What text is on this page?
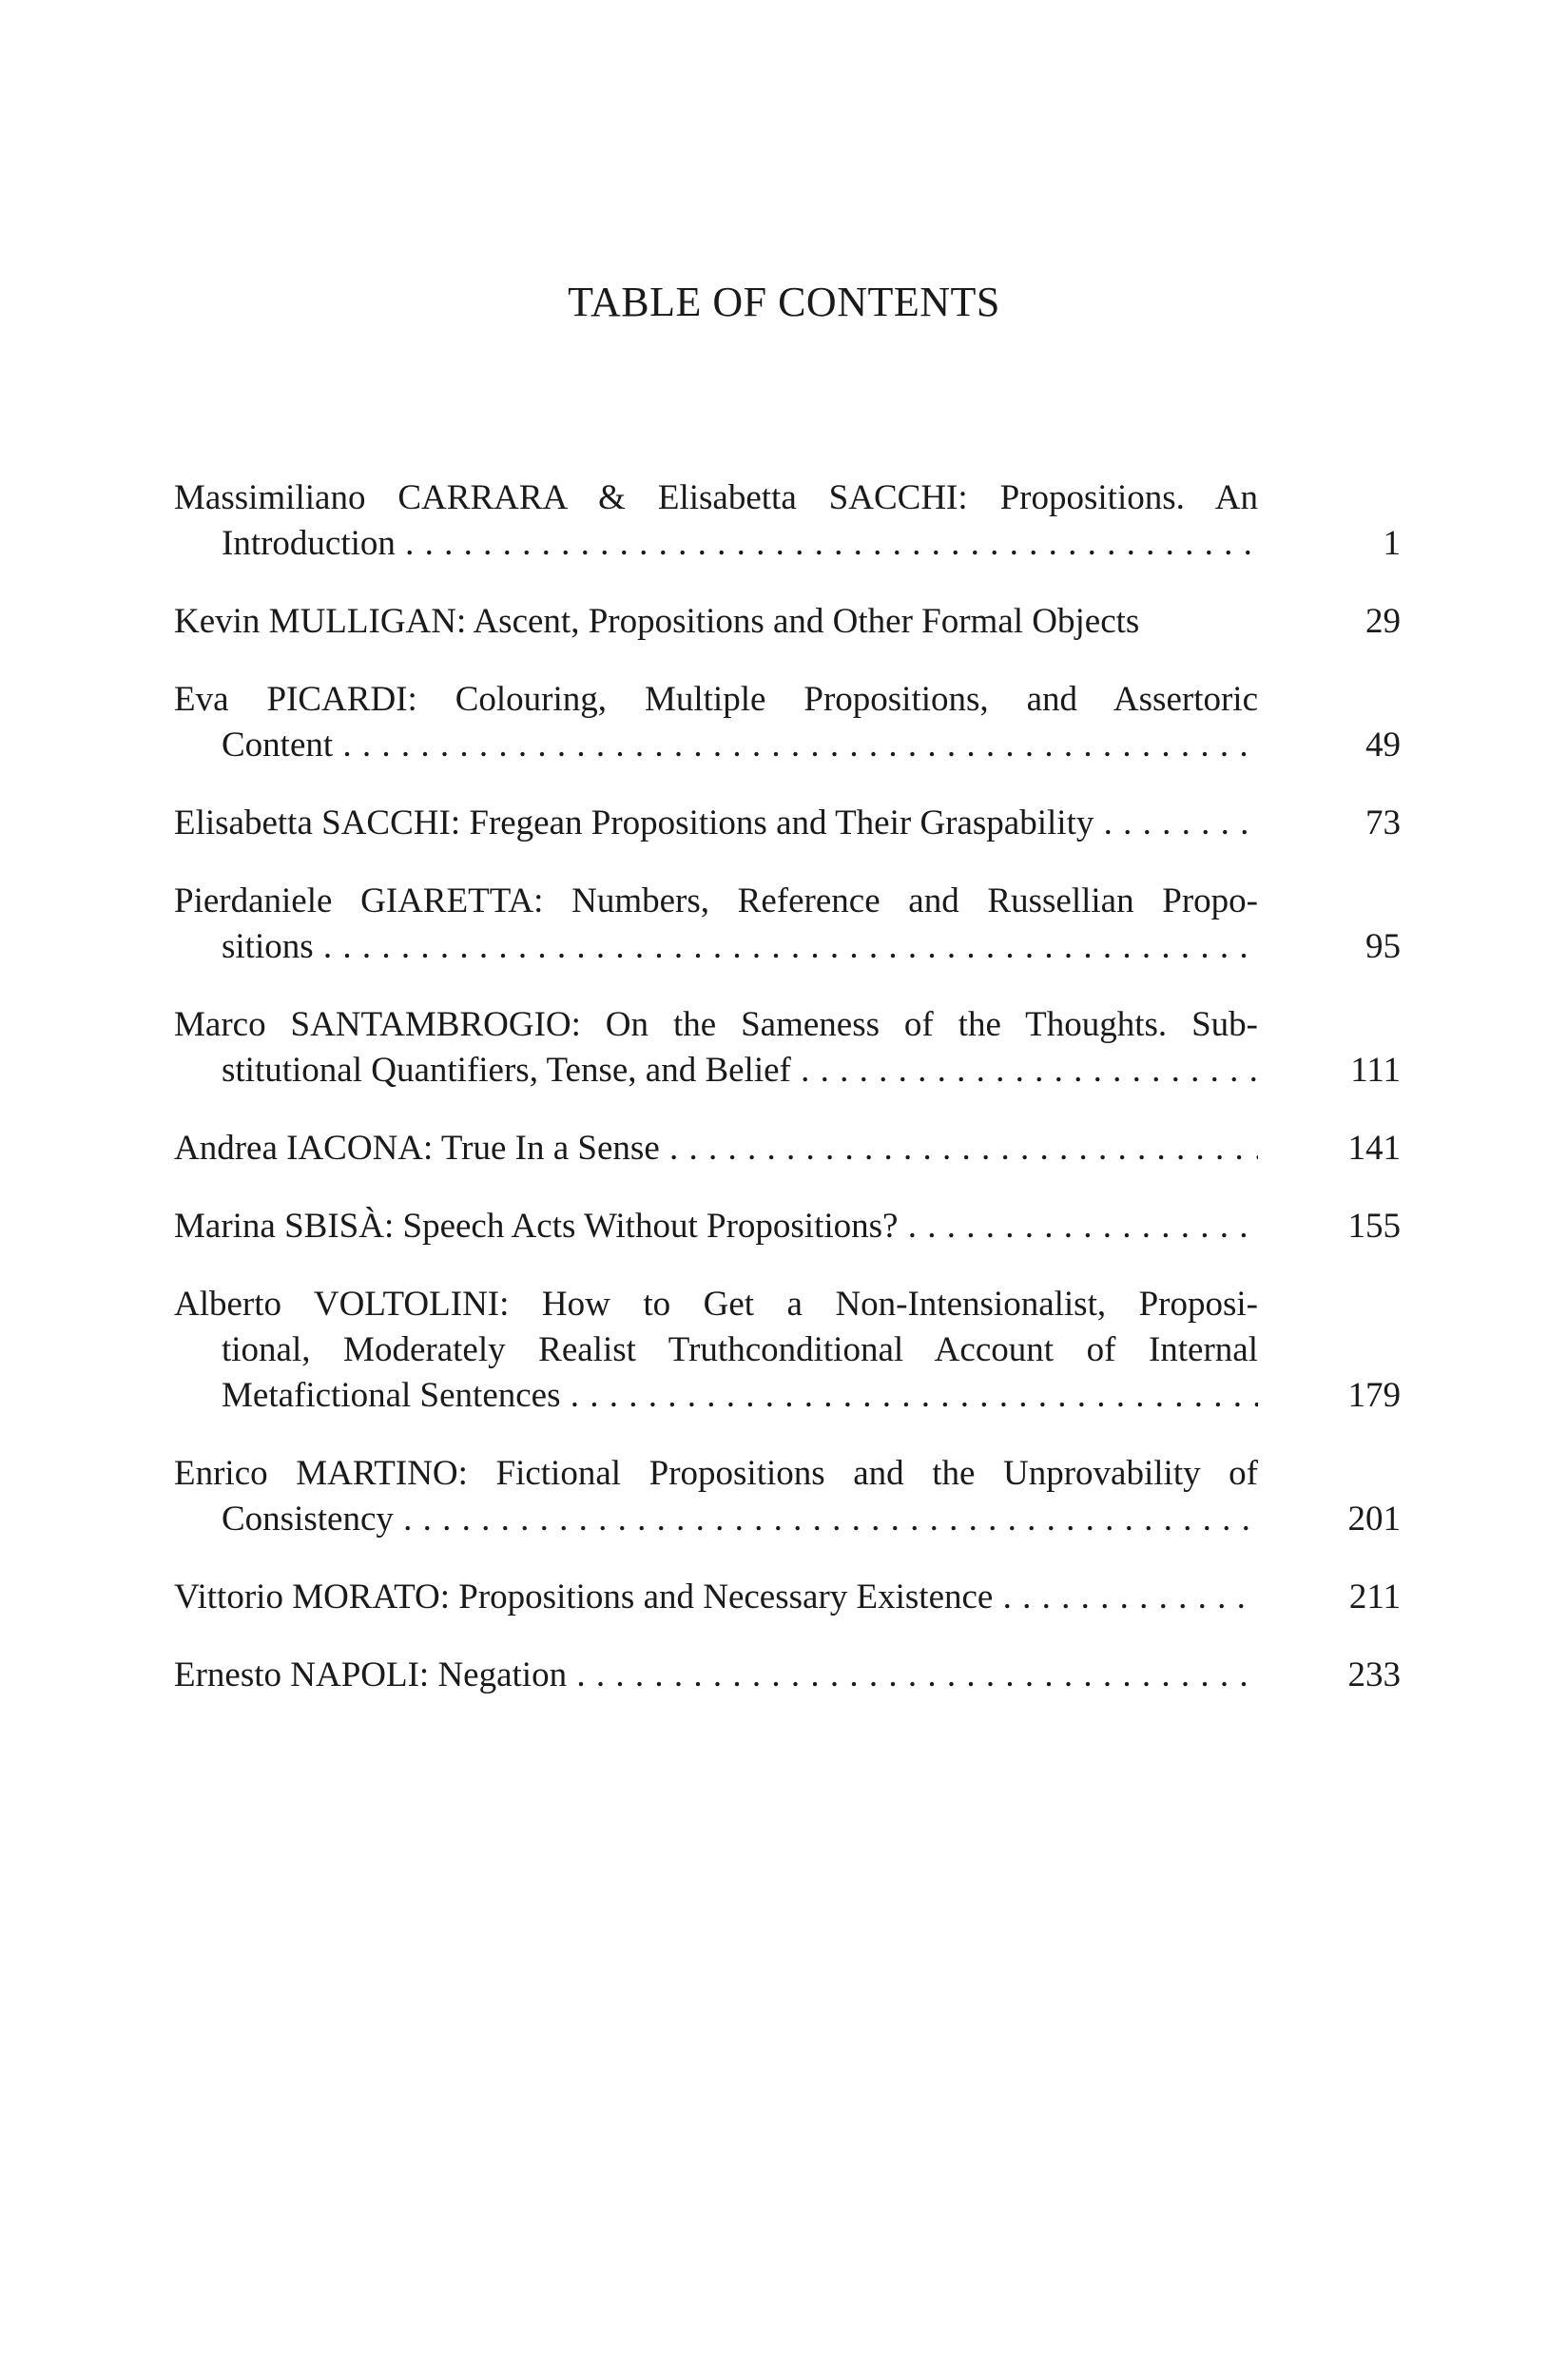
TABLE OF CONTENTS
Massimiliano CARRARA & Elisabetta SACCHI: Propositions. An
Introduction . . .	1
Kevin MULLIGAN: Ascent, Propositions and Other Formal Objects	29
Eva PICARDI: Colouring, Multiple Propositions, and Assertoric
Content . . .	49
Elisabetta SACCHI: Fregean Propositions and Their Graspability . . .	73
Pierdaniele GIARETTA: Numbers, Reference and Russellian Propo-
sitions . . .	95
Marco SANTAMBROGIO: On the Sameness of the Thoughts. Sub-
stitutional Quantifiers, Tense, and Belief . . .	111
Andrea IACONA: True In a Sense . . .	141
Marina SBISÀ: Speech Acts Without Propositions? . . .	155
Alberto VOLTOLINI: How to Get a Non-Intensionalist, Proposi-
tional, Moderately Realist Truthconditional Account of Internal
Metafictional Sentences . . .	179
Enrico MARTINO: Fictional Propositions and the Unprovability of
Consistency . . .	201
Vittorio MORATO: Propositions and Necessary Existence . . .	211
Ernesto NAPOLI: Negation . . .	233
